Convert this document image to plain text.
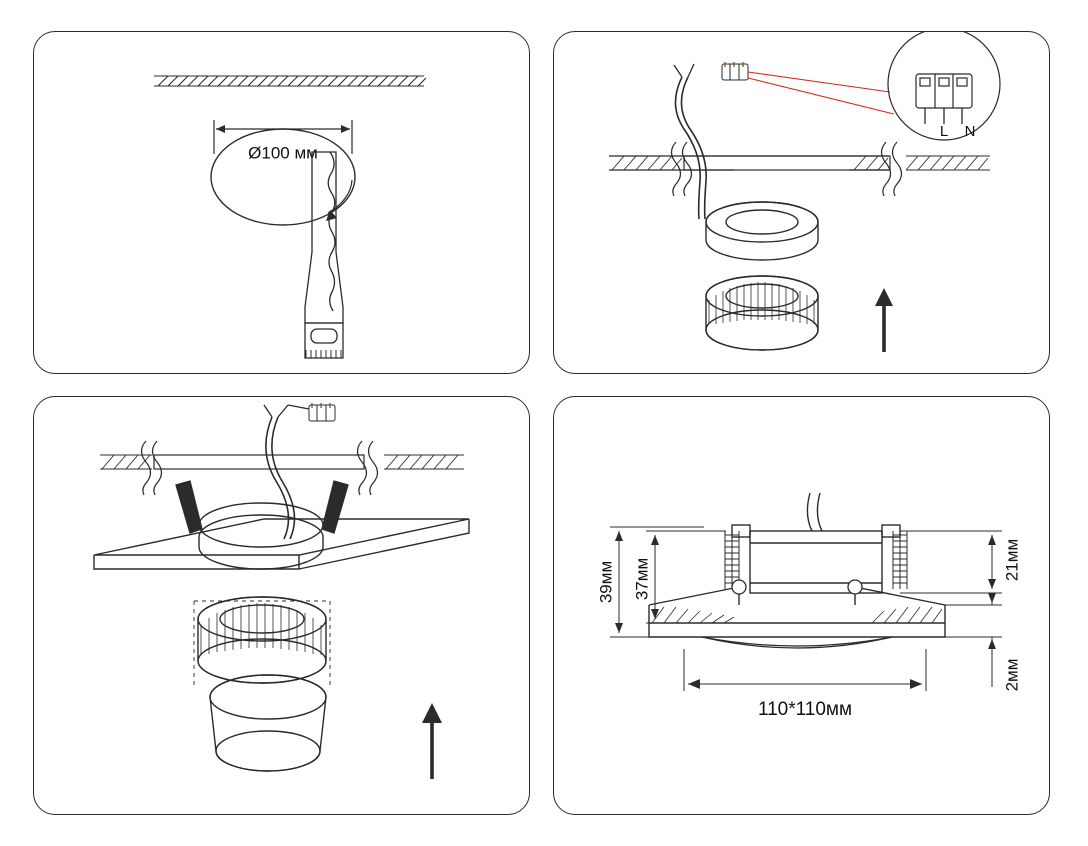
Ø100 мм
L N
39мм 37мм	21мм
2мм
110*110мм
